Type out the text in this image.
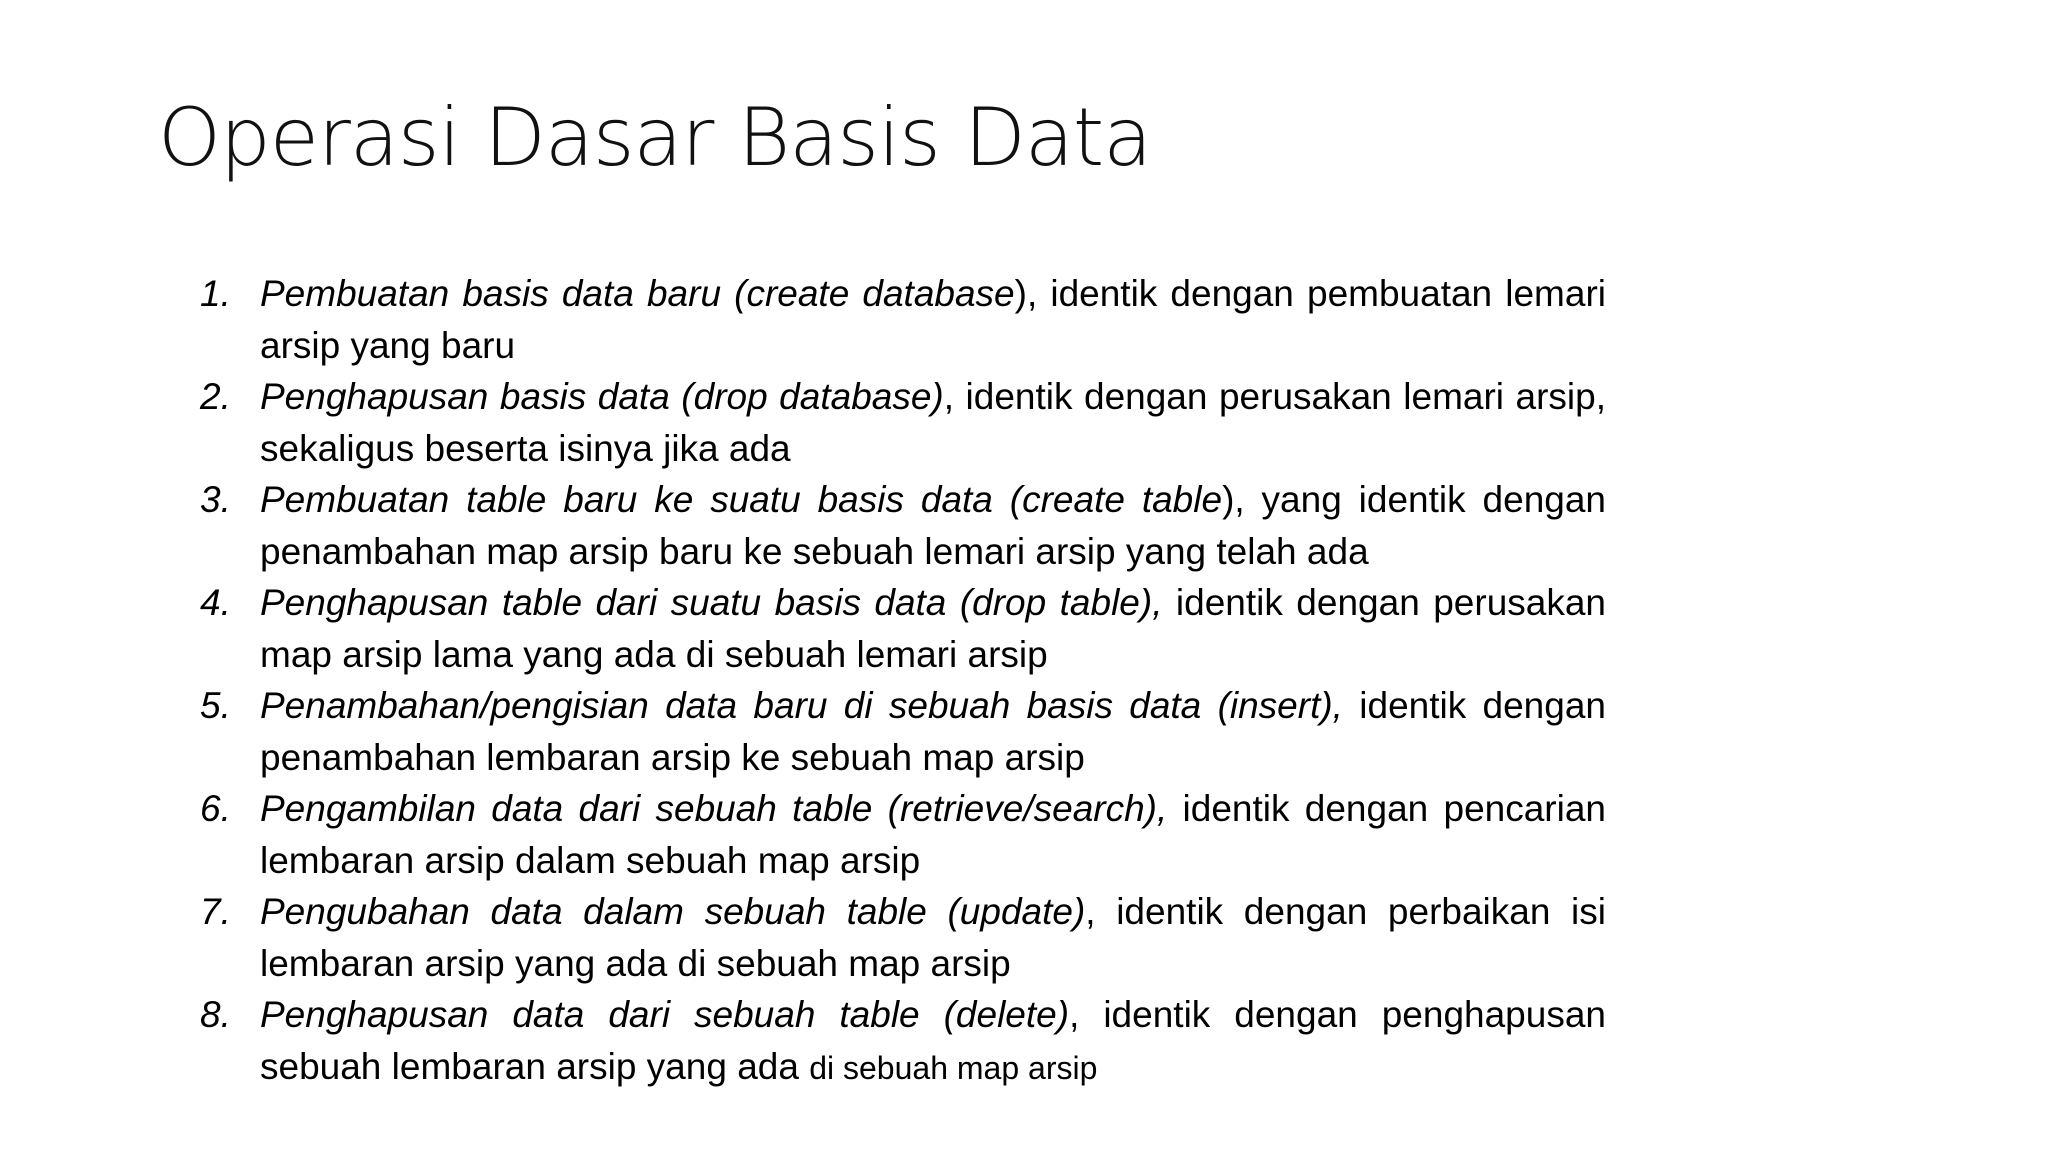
Operasi Dasar Basis Data
1. Pembuatan basis data baru (create database), identik dengan pembuatan lemari arsip yang baru
2. Penghapusan basis data (drop database), identik dengan perusakan lemari arsip, sekaligus beserta isinya jika ada
3. Pembuatan table baru ke suatu basis data (create table), yang identik dengan penambahan map arsip baru ke sebuah lemari arsip yang telah ada
4. Penghapusan table dari suatu basis data (drop table), identik dengan perusakan map arsip lama yang ada di sebuah lemari arsip
5. Penambahan/pengisian data baru di sebuah basis data (insert), identik dengan penambahan lembaran arsip ke sebuah map arsip
6. Pengambilan data dari sebuah table (retrieve/search), identik dengan pencarian lembaran arsip dalam sebuah map arsip
7. Pengubahan data dalam sebuah table (update), identik dengan perbaikan isi lembaran arsip yang ada di sebuah map arsip
8. Penghapusan data dari sebuah table (delete), identik dengan penghapusan sebuah lembaran arsip yang ada di sebuah map arsip
